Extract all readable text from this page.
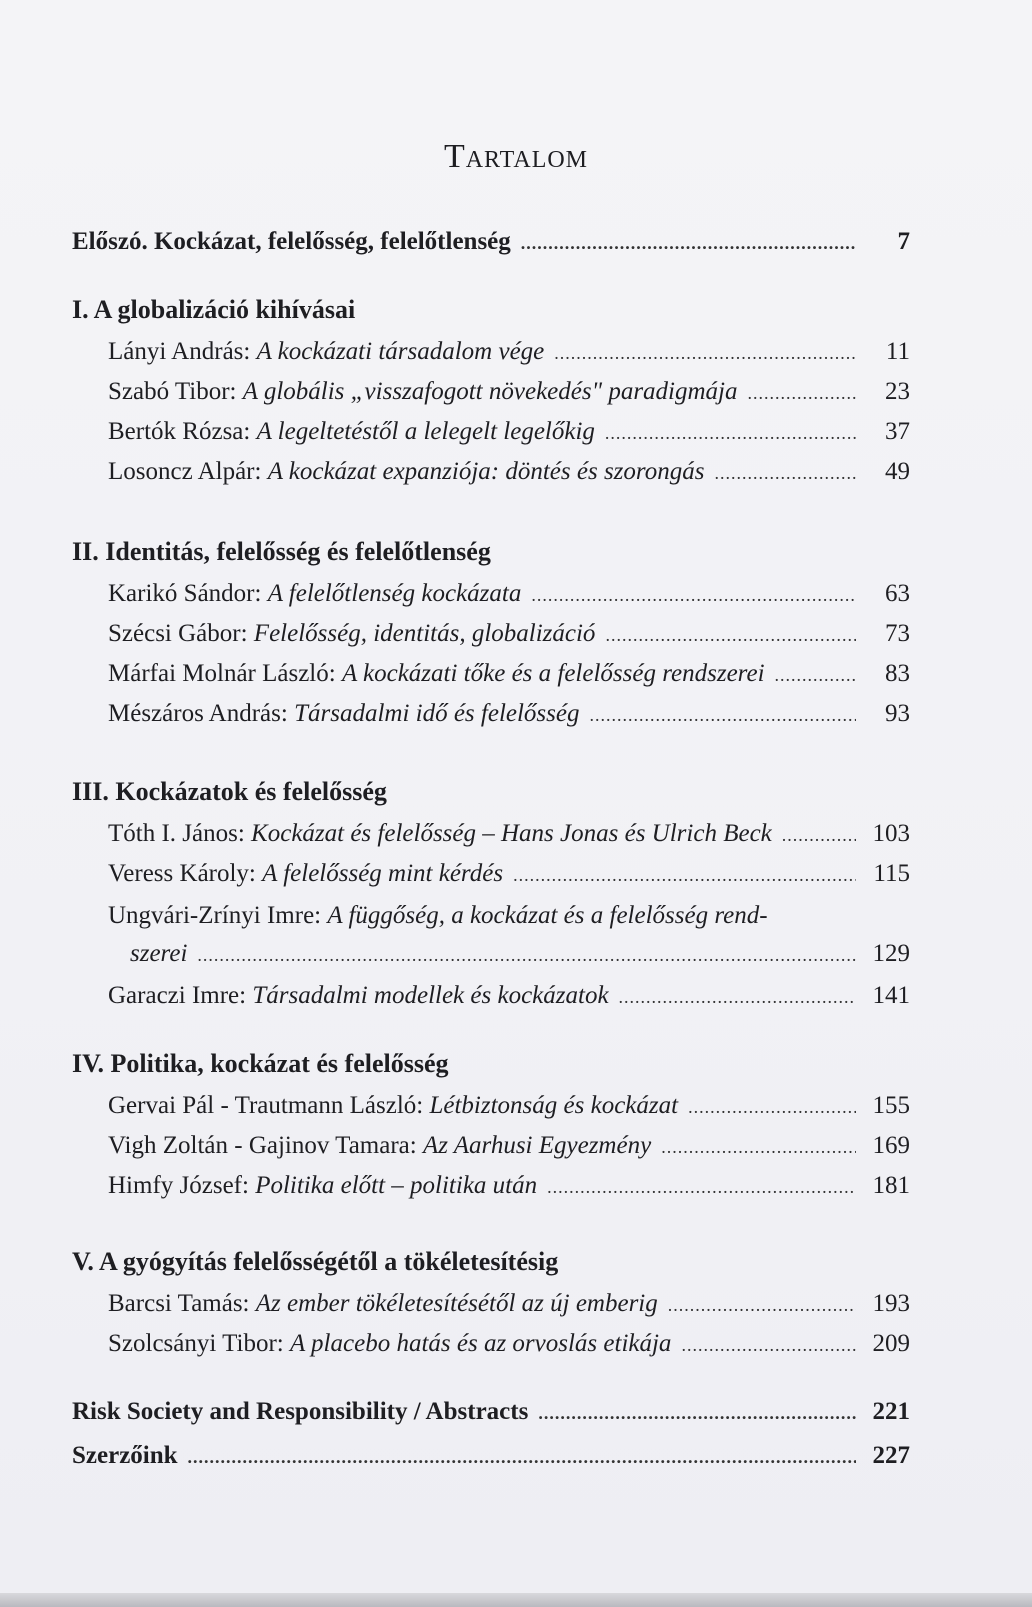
Tartalom
Előszó. Kockázat, felelősség, felelőtlenség .....	7
I. A globalizáció kihívásai
Lányi András: A kockázati társadalom vége .....	11
Szabó Tibor: A globális „visszafogott növekedés" paradigmája .....	23
Bertók Rózsa: A legeltetéstől a lelegelt legelőkig .....	37
Losoncz Alpár: A kockázat expanziója: döntés és szorongás .....	49
II. Identitás, felelősség és felelőtlenség
Karikó Sándor: A felelőtlenség kockázata .....	63
Szécsi Gábor: Felelősség, identitás, globalizáció .....	73
Márfai Molnár László: A kockázati tőke és a felelősség rendszerei .....	83
Mészáros András: Társadalmi idő és felelősség .....	93
III. Kockázatok és felelősség
Tóth I. János: Kockázat és felelősség – Hans Jonas és Ulrich Beck .....	103
Veress Károly: A felelősség mint kérdés .....	115
Ungvári-Zrínyi Imre: A függőség, a kockázat és a felelősség rend-
szerei .....	129
Garaczi Imre: Társadalmi modellek és kockázatok .....	141
IV. Politika, kockázat és felelősség
Gervai Pál - Trautmann László: Létbiztonság és kockázat .....	155
Vigh Zoltán - Gajinov Tamara: Az Aarhusi Egyezmény .....	169
Himfy József: Politika előtt – politika után .....	181
V. A gyógyítás felelősségétől a tökéletesítésig
Barcsi Tamás: Az ember tökéletesítésétől az új emberig .....	193
Szolcsányi Tibor: A placebo hatás és az orvoslás etikája .....	209
Risk Society and Responsibility / Abstracts .....	221
Szerzőink .....	227
